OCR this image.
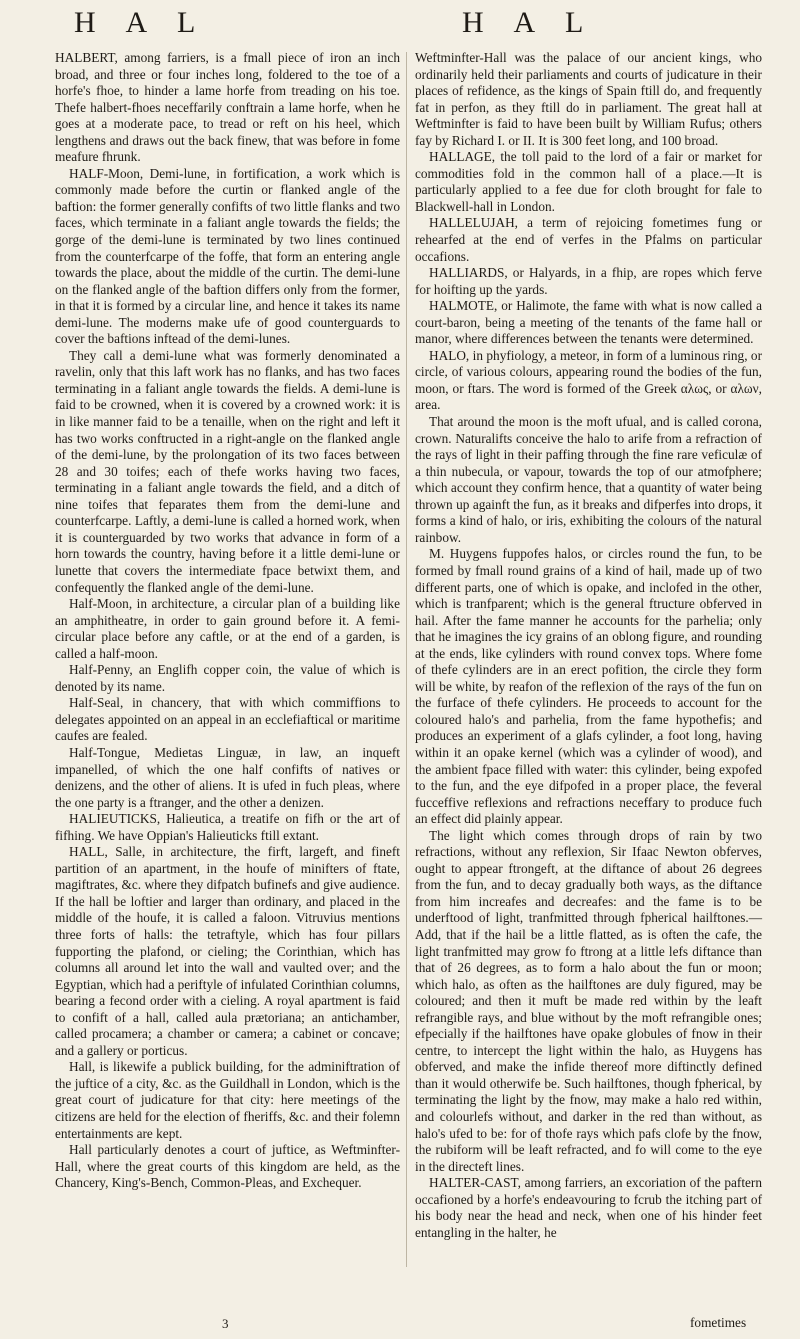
H A L	H A L

HALBERT, among farriers, is a fmall piece of iron an inch broad, and three or four inches long, foldered to the toe of a horfe's fhoe, to hinder a lame horfe from treading on his toe. Thefe halbert-fhoes neceffarily conftrain a lame horfe, when he goes at a moderate pace, to tread or reft on his heel, which lengthens and draws out the back finew, that was before in fome meafure fhrunk.

HALF-Moon, Demi-lune, in fortification, a work which is commonly made before the curtin or flanked angle of the baftion: the former generally confifts of two little flanks and two faces, which terminate in a faliant angle towards the fields; the gorge of the demi-lune is terminated by two lines continued from the counterfcarpe of the foffe, that form an entering angle towards the place, about the middle of the curtin. The demi-lune on the flanked angle of the baftion differs only from the former, in that it is formed by a circular line, and hence it takes its name demi-lune. The moderns make ufe of good counterguards to cover the baftions inftead of the demi-lunes.

They call a demi-lune what was formerly denominated a ravelin, only that this laft work has no flanks, and has two faces terminating in a faliant angle towards the fields. A demi-lune is faid to be crowned, when it is covered by a crowned work: it is in like manner faid to be a tenaille, when on the right and left it has two works conftructed in a right-angle on the flanked angle of the demi-lune, by the prolongation of its two faces between 28 and 30 toifes; each of thefe works having two faces, terminating in a faliant angle towards the field, and a ditch of nine toifes that feparates them from the demi-lune and counterfcarpe. Laftly, a demi-lune is called a horned work, when it is counterguarded by two works that advance in form of a horn towards the country, having before it a little demi-lune or lunette that covers the intermediate fpace betwixt them, and confequently the flanked angle of the demi-lune.

Half-Moon, in architecture, a circular plan of a building like an amphitheatre, in order to gain ground before it. A femi-circular place before any caftle, or at the end of a garden, is called a half-moon.

Half-Penny, an Englifh copper coin, the value of which is denoted by its name.

Half-Seal, in chancery, that with which commiffions to delegates appointed on an appeal in an ecclefiaftical or maritime caufes are fealed.

Half-Tongue, Medietas Linguæ, in law, an inqueft impanelled, of which the one half confifts of natives or denizens, and the other of aliens. It is ufed in fuch pleas, where the one party is a ftranger, and the other a denizen.

HALIEUTICKS, Halieutica, a treatife on fifh or the art of fifhing. We have Oppian's Halieuticks ftill extant.

HALL, Salle, in architecture, the firft, largeft, and fineft partition of an apartment, in the houfe of minifters of ftate, magiftrates, &c. where they difpatch bufinefs and give audience. If the hall be loftier and larger than ordinary, and placed in the middle of the houfe, it is called a faloon. Vitruvius mentions three forts of halls: the tetraftyle, which has four pillars fupporting the plafond, or cieling; the Corinthian, which has columns all around let into the wall and vaulted over; and the Egyptian, which had a periftyle of infulated Corinthian columns, bearing a fecond order with a cieling. A royal apartment is faid to confift of a hall, called aula prætoriana; an antichamber, called procamera; a chamber or camera; a cabinet or concave; and a gallery or porticus.

Hall, is likewife a publick building, for the adminiftration of the juftice of a city, &c. as the Guildhall in London, which is the great court of judicature for that city: here meetings of the citizens are held for the election of fheriffs, &c. and their folemn entertainments are kept.

Hall particularly denotes a court of juftice, as Weftminfter-Hall, where the great courts of this kingdom are held, as the Chancery, King's-Bench, Common-Pleas, and Exchequer.

Weftminfter-Hall was the palace of our ancient kings, who ordinarily held their parliaments and courts of judicature in their places of refidence, as the kings of Spain ftill do, and frequently fat in perfon, as they ftill do in parliament. The great hall at Weftminfter is faid to have been built by William Rufus; others fay by Richard I. or II. It is 300 feet long, and 100 broad.

HALLAGE, the toll paid to the lord of a fair or market for commodities fold in the common hall of a place.—It is particularly applied to a fee due for cloth brought for fale to Blackwell-hall in London.

HALLELUJAH, a term of rejoicing fometimes fung or rehearfed at the end of verfes in the Pfalms on particular occafions.

HALLIARDS, or Halyards, in a fhip, are ropes which ferve for hoifting up the yards.

HALMOTE, or Halimote, the fame with what is now called a court-baron, being a meeting of the tenants of the fame hall or manor, where differences between the tenants were determined.

HALO, in phyfiology, a meteor, in form of a luminous ring, or circle, of various colours, appearing round the bodies of the fun, moon, or ftars. The word is formed of the Greek αλως, or αλων, area.

That around the moon is the moft ufual, and is called corona, crown. Naturalifts conceive the halo to arife from a refraction of the rays of light in their paffing through the fine rare veficulæ of a thin nubecula, or vapour, towards the top of our atmofphere; which account they confirm hence, that a quantity of water being thrown up againft the fun, as it breaks and difperfes into drops, it forms a kind of halo, or iris, exhibiting the colours of the natural rainbow.

M. Huygens fuppofes halos, or circles round the fun, to be formed by fmall round grains of a kind of hail, made up of two different parts, one of which is opake, and inclofed in the other, which is tranfparent; which is the general ftructure obferved in hail. After the fame manner he accounts for the parhelia; only that he imagines the icy grains of an oblong figure, and rounding at the ends, like cylinders with round convex tops. Where fome of thefe cylinders are in an erect pofition, the circle they form will be white, by reafon of the reflexion of the rays of the fun on the furface of thefe cylinders. He proceeds to account for the coloured halo's and parhelia, from the fame hypothefis; and produces an experiment of a glafs cylinder, a foot long, having within it an opake kernel (which was a cylinder of wood), and the ambient fpace filled with water: this cylinder, being expofed to the fun, and the eye difpofed in a proper place, the feveral fucceffive reflexions and refractions neceffary to produce fuch an effect did plainly appear.

The light which comes through drops of rain by two refractions, without any reflexion, Sir Ifaac Newton obferves, ought to appear ftrongeft, at the diftance of about 26 degrees from the fun, and to decay gradually both ways, as the diftance from him increafes and decreafes: and the fame is to be underftood of light, tranfmitted through fpherical hailftones.—Add, that if the hail be a little flatted, as is often the cafe, the light tranfmitted may grow fo ftrong at a little lefs diftance than that of 26 degrees, as to form a halo about the fun or moon; which halo, as often as the hailftones are duly figured, may be coloured; and then it muft be made red within by the leaft refrangible rays, and blue without by the moft refrangible ones; efpecially if the hailftones have opake globules of fnow in their centre, to intercept the light within the halo, as Huygens has obferved, and make the infide thereof more diftinctly defined than it would otherwife be. Such hailftones, though fpherical, by terminating the light by the fnow, may make a halo red within, and colourlefs without, and darker in the red than without, as halo's ufed to be: for of thofe rays which pafs clofe by the fnow, the rubiform will be leaft refracted, and fo will come to the eye in the directeft lines.

HALTER-CAST, among farriers, an excoriation of the paftern occafioned by a horfe's endeavouring to fcrub the itching part of his body near the head and neck, when one of his hinder feet entangling in the halter, he

3	fometimes
